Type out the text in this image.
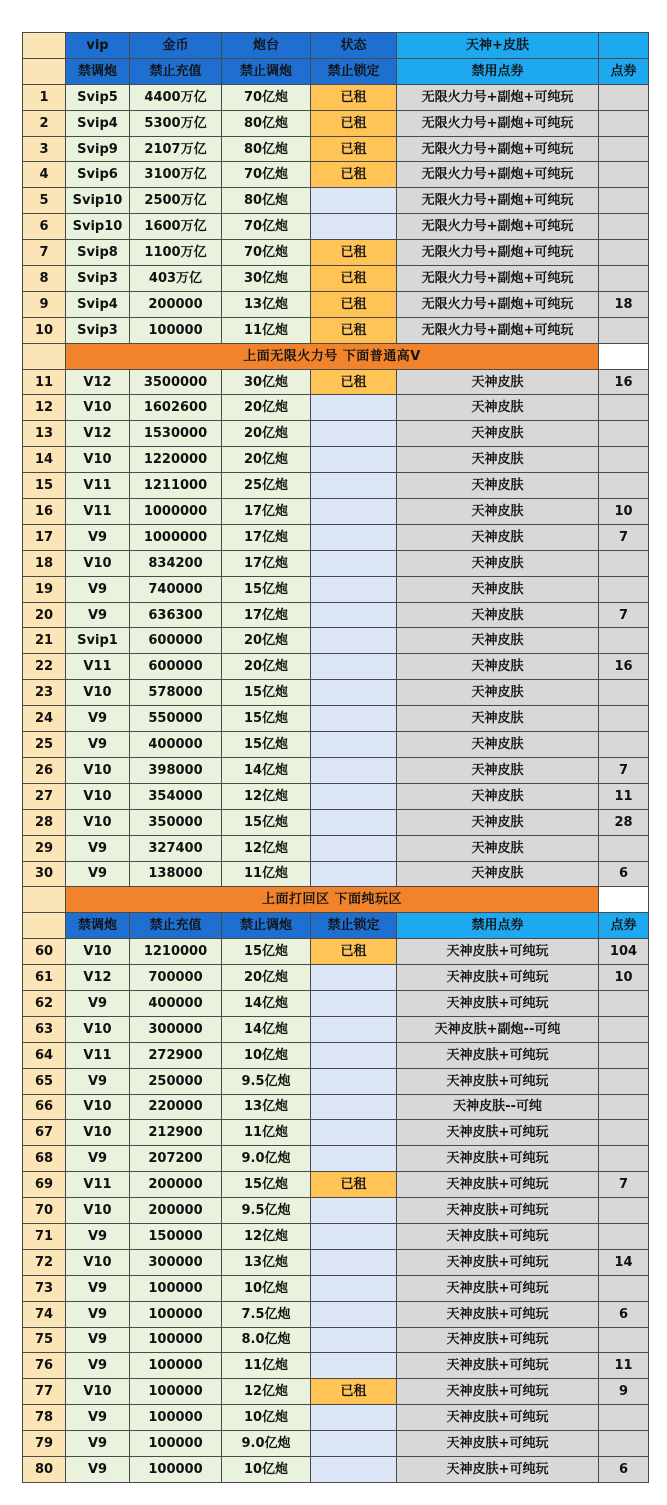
	vip	金币	炮台	状态	天神+皮肤	
	禁调炮	禁止充值	禁止调炮	禁止锁定	禁用点券	点券
1	Svip5	4400万亿	70亿炮	已租	无限火力号+副炮+可纯玩	
2	Svip4	5300万亿	80亿炮	已租	无限火力号+副炮+可纯玩	
3	Svip9	2107万亿	80亿炮	已租	无限火力号+副炮+可纯玩	
4	Svip6	3100万亿	70亿炮	已租	无限火力号+副炮+可纯玩	
5	Svip10	2500万亿	80亿炮		无限火力号+副炮+可纯玩	
6	Svip10	1600万亿	70亿炮		无限火力号+副炮+可纯玩	
7	Svip8	1100万亿	70亿炮	已租	无限火力号+副炮+可纯玩	
8	Svip3	403万亿	30亿炮	已租	无限火力号+副炮+可纯玩	
9	Svip4	200000	13亿炮	已租	无限火力号+副炮+可纯玩	18
10	Svip3	100000	11亿炮	已租	无限火力号+副炮+可纯玩	
	上面无限火力号 下面普通高V					
11	V12	3500000	30亿炮	已租	天神皮肤	16
12	V10	1602600	20亿炮		天神皮肤	
13	V12	1530000	20亿炮		天神皮肤	
14	V10	1220000	20亿炮		天神皮肤	
15	V11	1211000	25亿炮		天神皮肤	
16	V11	1000000	17亿炮		天神皮肤	10
17	V9	1000000	17亿炮		天神皮肤	7
18	V10	834200	17亿炮		天神皮肤	
19	V9	740000	15亿炮		天神皮肤	
20	V9	636300	17亿炮		天神皮肤	7
21	Svip1	600000	20亿炮		天神皮肤	
22	V11	600000	20亿炮		天神皮肤	16
23	V10	578000	15亿炮		天神皮肤	
24	V9	550000	15亿炮		天神皮肤	
25	V9	400000	15亿炮		天神皮肤	
26	V10	398000	14亿炮		天神皮肤	7
27	V10	354000	12亿炮		天神皮肤	11
28	V10	350000	15亿炮		天神皮肤	28
29	V9	327400	12亿炮		天神皮肤	
30	V9	138000	11亿炮		天神皮肤	6
	上面打回区 下面纯玩区					
	禁调炮	禁止充值	禁止调炮	禁止锁定	禁用点券	点券
60	V10	1210000	15亿炮	已租	天神皮肤+可纯玩	104
61	V12	700000	20亿炮		天神皮肤+可纯玩	10
62	V9	400000	14亿炮		天神皮肤+可纯玩	
63	V10	300000	14亿炮		天神皮肤+副炮--可纯	
64	V11	272900	10亿炮		天神皮肤+可纯玩	
65	V9	250000	9.5亿炮		天神皮肤+可纯玩	
66	V10	220000	13亿炮		天神皮肤--可纯	
67	V10	212900	11亿炮		天神皮肤+可纯玩	
68	V9	207200	9.0亿炮		天神皮肤+可纯玩	
69	V11	200000	15亿炮	已租	天神皮肤+可纯玩	7
70	V10	200000	9.5亿炮		天神皮肤+可纯玩	
71	V9	150000	12亿炮		天神皮肤+可纯玩	
72	V10	300000	13亿炮		天神皮肤+可纯玩	14
73	V9	100000	10亿炮		天神皮肤+可纯玩	
74	V9	100000	7.5亿炮		天神皮肤+可纯玩	6
75	V9	100000	8.0亿炮		天神皮肤+可纯玩	
76	V9	100000	11亿炮		天神皮肤+可纯玩	11
77	V10	100000	12亿炮	已租	天神皮肤+可纯玩	9
78	V9	100000	10亿炮		天神皮肤+可纯玩	
79	V9	100000	9.0亿炮		天神皮肤+可纯玩	
80	V9	100000	10亿炮		天神皮肤+可纯玩	6
